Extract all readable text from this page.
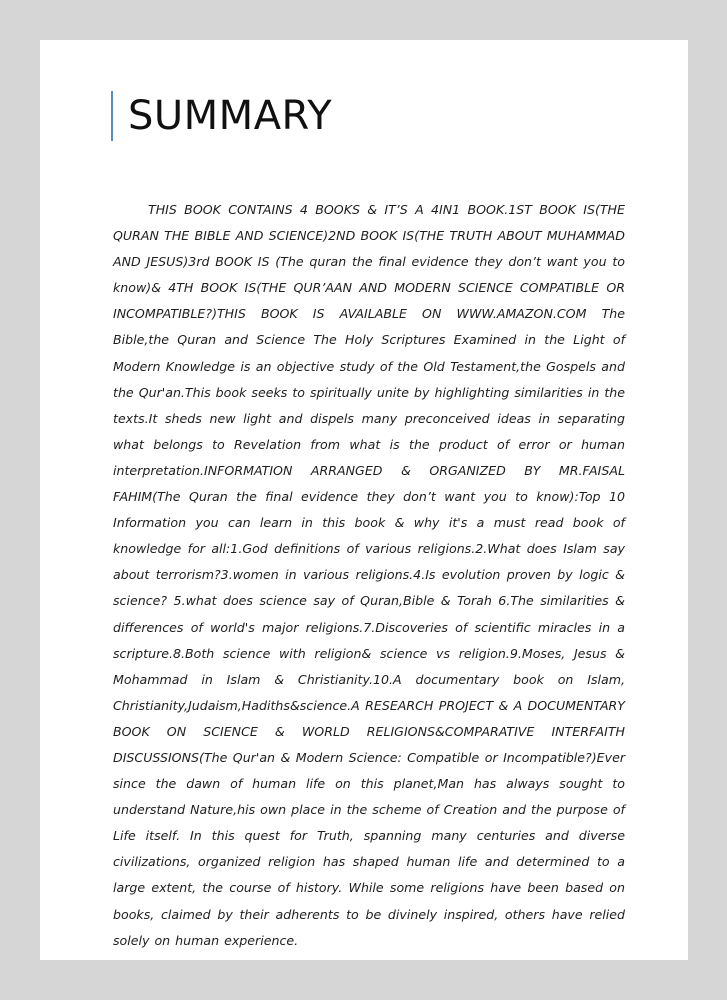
SUMMARY

THIS BOOK CONTAINS 4 BOOKS & IT’S A 4IN1 BOOK.1ST BOOK IS(THE QURAN THE BIBLE AND SCIENCE)2ND BOOK IS(THE TRUTH ABOUT MUHAMMAD AND JESUS)3rd BOOK IS (The quran the final evidence they don’t want you to know)& 4TH BOOK IS(THE QUR’AAN AND MODERN SCIENCE COMPATIBLE OR INCOMPATIBLE?)THIS BOOK IS AVAILABLE ON WWW.AMAZON.COM The Bible,the Quran and Science The Holy Scriptures Examined in the Light of Modern Knowledge is an objective study of the Old Testament,the Gospels and the Qur'an.This book seeks to spiritually unite by highlighting similarities in the texts.It sheds new light and dispels many preconceived ideas in separating what belongs to Revelation from what is the product of error or human interpretation.INFORMATION ARRANGED & ORGANIZED BY MR.FAISAL FAHIM(The Quran the final evidence they don’t want you to know):Top 10 Information you can learn in this book & why it's a must read book of knowledge for all:1.God definitions of various religions.2.What does Islam say about terrorism?3.women in various religions.4.Is evolution proven by logic & science? 5.what does science say of Quran,Bible & Torah 6.The similarities & differences of world's major religions.7.Discoveries of scientific miracles in a scripture.8.Both science with religion& science vs religion.9.Moses, Jesus & Mohammad in Islam & Christianity.10.A documentary book on Islam, Christianity,Judaism,Hadiths&science.A RESEARCH PROJECT & A DOCUMENTARY BOOK ON SCIENCE & WORLD RELIGIONS&COMPARATIVE INTERFAITH DISCUSSIONS(The Qur'an & Modern Science: Compatible or Incompatible?)Ever since the dawn of human life on this planet,Man has always sought to understand Nature,his own place in the scheme of Creation and the purpose of Life itself. In this quest for Truth, spanning many centuries and diverse civilizations, organized religion has shaped human life and determined to a large extent, the course of history. While some religions have been based on books, claimed by their adherents to be divinely inspired, others have relied solely on human experience.
